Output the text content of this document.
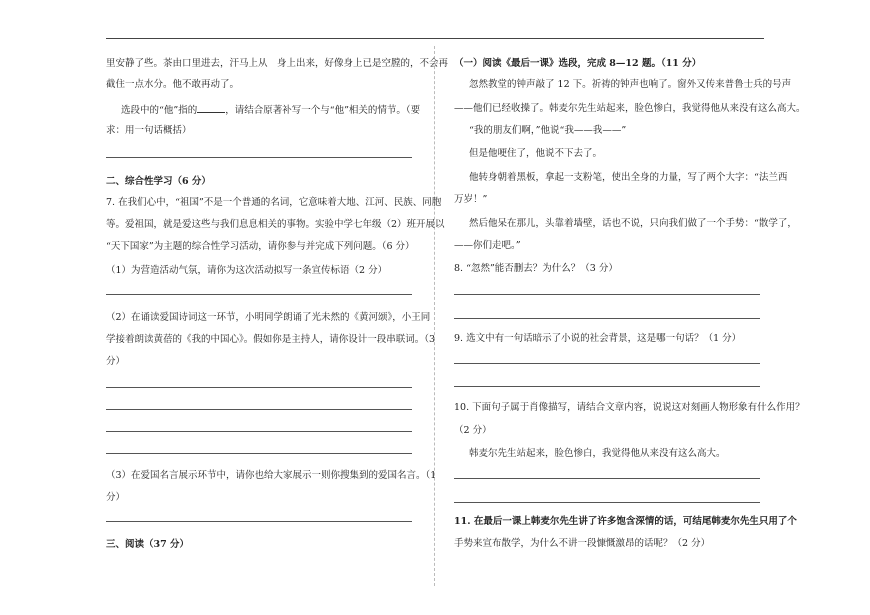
里安静了些。茶由口里进去，汗马上从　身上出来，好像身上已是空膛的，不会再
截住一点水分。他不敢再动了。
选段中的“他”指的	，请结合原著补写一个与“他”相关的情节。（要
求：用一句话概括）
二、综合性学习（6 分）
7. 在我们心中，“祖国”不是一个普通的名词，它意味着大地、江河、民族、同胞
等。爱祖国，就是爱这些与我们息息相关的事物。实验中学七年级（2）班开展以
“天下国家”为主题的综合性学习活动，请你参与并完成下列问题。（6 分）
（1）为营造活动气氛，请你为这次活动拟写一条宣传标语（2 分）
（2）在诵读爱国诗词这一环节，小明同学朗诵了光未然的《黄河颂》，小王同
学接着朗读黄蓓的《我的中国心》。假如你是主持人，请你设计一段串联词。（3
分）
（3）在爱国名言展示环节中，请你也给大家展示一则你搜集到的爱国名言。（1
分）
三、阅读（37 分）
（一）阅读《最后一课》选段，完成 8—12 题。（11 分）
忽然教堂的钟声敲了 12 下。祈祷的钟声也响了。窗外又传来普鲁士兵的号声
——他们已经收操了。韩麦尔先生站起来，脸色惨白，我觉得他从来没有这么高大。
“我的朋友们啊，”他说“我——我——”
但是他哽住了，他说不下去了。
他转身朝着黑板，拿起一支粉笔，使出全身的力量，写了两个大字：“法兰西
万岁！”
然后他呆在那儿，头靠着墙壁，话也不说，只向我们做了一个手势：“散学了，
——你们走吧。”
8. “忽然”能否删去？为什么？（3 分）
9. 选文中有一句话暗示了小说的社会背景，这是哪一句话？（1 分）
10. 下面句子属于肖像描写，请结合文章内容，说说这对刻画人物形象有什么作用？
（2 分）
韩麦尔先生站起来，脸色惨白，我觉得他从来没有这么高大。
11. 在最后一课上韩麦尔先生讲了许多饱含深情的话，可结尾韩麦尔先生只用了个
手势来宣布散学，为什么不讲一段慷慨激昂的话呢？（2 分）
